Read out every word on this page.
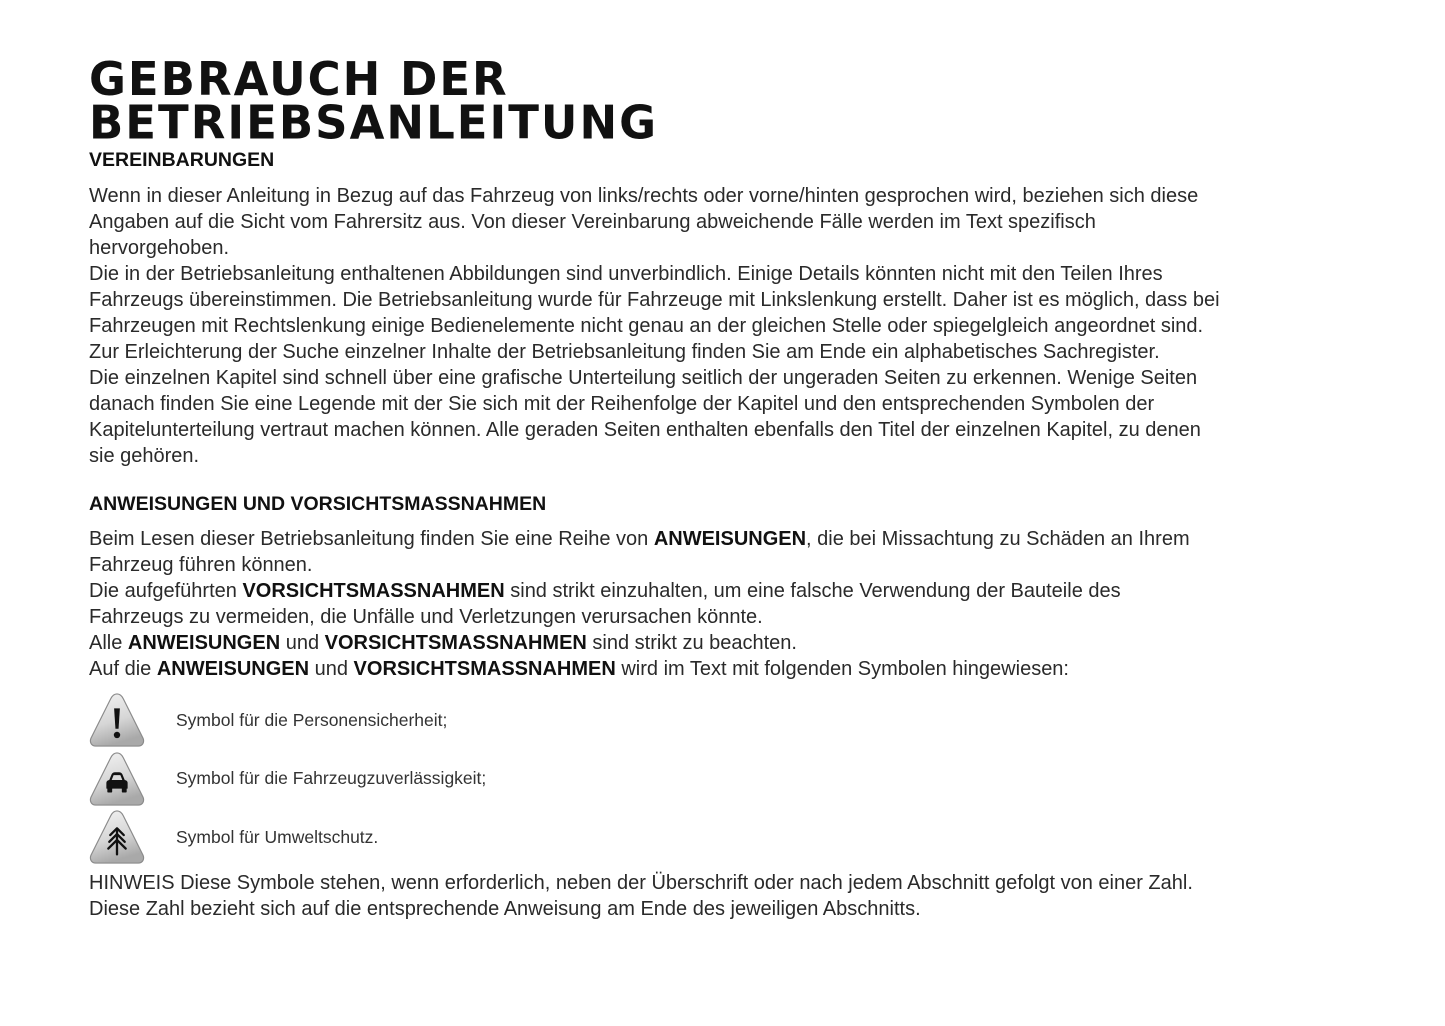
GEBRAUCH DER
BETRIEBSANLEITUNG
VEREINBARUNGEN

Wenn in dieser Anleitung in Bezug auf das Fahrzeug von links/rechts oder vorne/hinten gesprochen wird, beziehen sich diese

Angaben auf die Sicht vom Fahrersitz aus. Von dieser Vereinbarung abweichende Fälle werden im Text spezifisch

hervorgehoben.

Die in der Betriebsanleitung enthaltenen Abbildungen sind unverbindlich. Einige Details könnten nicht mit den Teilen Ihres

Fahrzeugs übereinstimmen. Die Betriebsanleitung wurde für Fahrzeuge mit Linkslenkung erstellt. Daher ist es möglich, dass bei

Fahrzeugen mit Rechtslenkung einige Bedienelemente nicht genau an der gleichen Stelle oder spiegelgleich angeordnet sind.

Zur Erleichterung der Suche einzelner Inhalte der Betriebsanleitung finden Sie am Ende ein alphabetisches Sachregister.

Die einzelnen Kapitel sind schnell über eine grafische Unterteilung seitlich der ungeraden Seiten zu erkennen. Wenige Seiten

danach finden Sie eine Legende mit der Sie sich mit der Reihenfolge der Kapitel und den entsprechenden Symbolen der

Kapitelunterteilung vertraut machen können. Alle geraden Seiten enthalten ebenfalls den Titel der einzelnen Kapitel, zu denen

sie gehören.

ANWEISUNGEN UND VORSICHTSMASSNAHMEN

Beim Lesen dieser Betriebsanleitung finden Sie eine Reihe von ANWEISUNGEN, die bei Missachtung zu Schäden an Ihrem

Fahrzeug führen können.

Die aufgeführten VORSICHTSMASSNAHMEN sind strikt einzuhalten, um eine falsche Verwendung der Bauteile des

Fahrzeugs zu vermeiden, die Unfälle und Verletzungen verursachen könnte.

Alle ANWEISUNGEN und VORSICHTSMASSNAHMEN sind strikt zu beachten.

Auf die ANWEISUNGEN und VORSICHTSMASSNAHMEN wird im Text mit folgenden Symbolen hingewiesen:

Symbol für die Personensicherheit;
Symbol für die Fahrzeugzuverlässigkeit;
Symbol für Umweltschutz.

HINWEIS Diese Symbole stehen, wenn erforderlich, neben der Überschrift oder nach jedem Abschnitt gefolgt von einer Zahl.

Diese Zahl bezieht sich auf die entsprechende Anweisung am Ende des jeweiligen Abschnitts.
